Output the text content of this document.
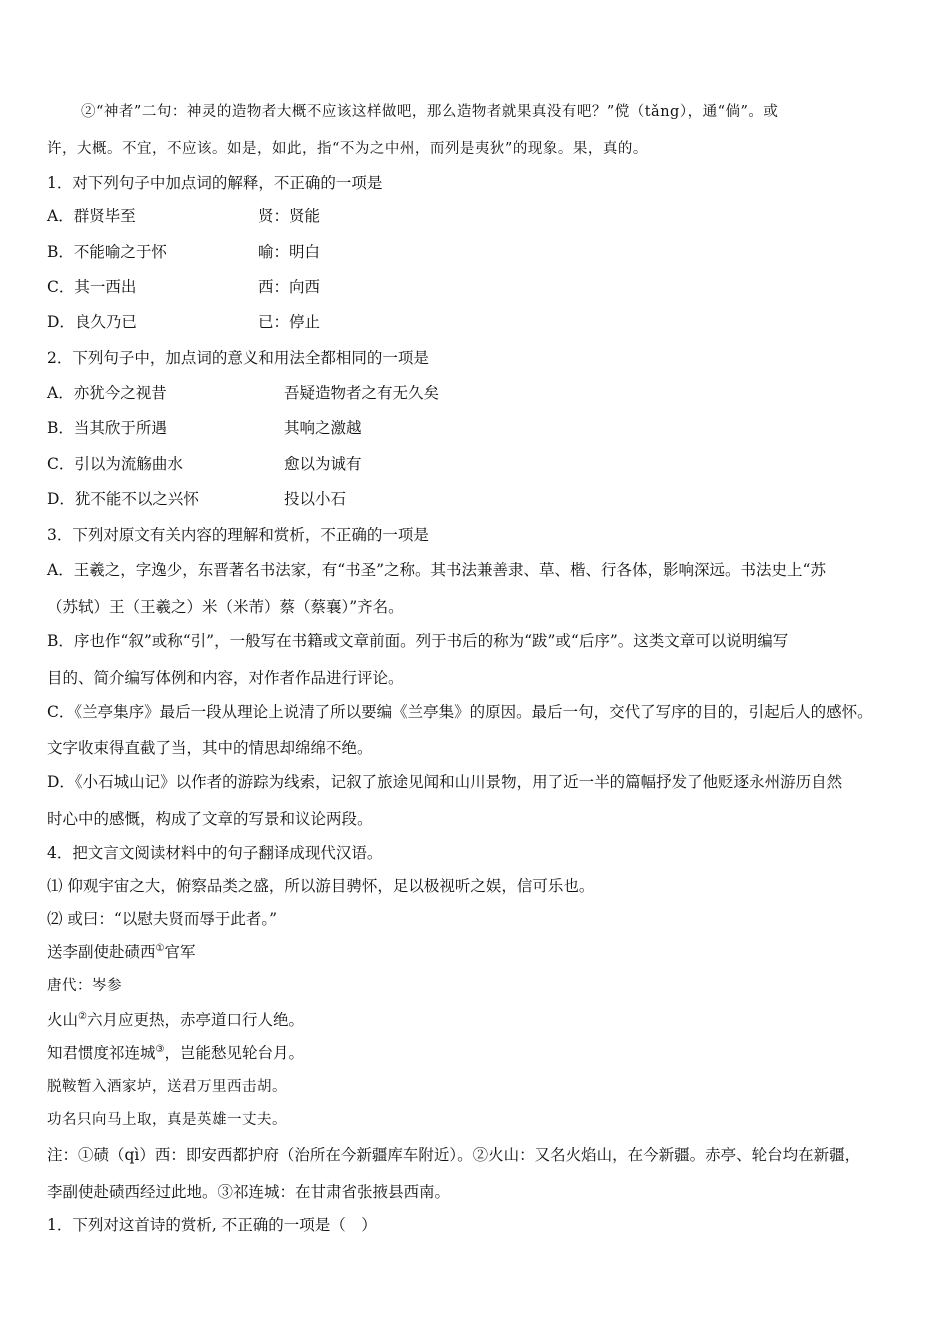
②“神者”二句：神灵的造物者大概不应该这样做吧，那么造物者就果真没有吧？”傥（tǎng），通“倘”。或
许，大概。不宜，不应该。如是，如此，指“不为之中州，而列是夷狄”的现象。果，真的。
1．对下列句子中加点词的解释，不正确的一项是
A．群贤毕至	贤：贤能
B．不能喻之于怀	喻：明白
C．其一西出	西：向西
D．良久乃已	已：停止
2．下列句子中，加点词的意义和用法全都相同的一项是
A．亦犹今之视昔	吾疑造物者之有无久矣
B．当其欣于所遇	其响之激越
C．引以为流觞曲水	愈以为诚有
D．犹不能不以之兴怀	投以小石
3．下列对原文有关内容的理解和赏析，不正确的一项是
A．王羲之，字逸少，东晋著名书法家，有“书圣”之称。其书法兼善隶、草、楷、行各体，影响深远。书法史上“苏
（苏轼）王（王羲之）米（米芾）蔡（蔡襄）”齐名。
B．序也作“叙”或称“引”，一般写在书籍或文章前面。列于书后的称为“跋”或“后序”。这类文章可以说明编写
目的、简介编写体例和内容，对作者作品进行评论。
C．《兰亭集序》最后一段从理论上说清了所以要编《兰亭集》的原因。最后一句，交代了写序的目的，引起后人的感怀。
文字收束得直截了当，其中的情思却绵绵不绝。
D．《小石城山记》以作者的游踪为线索，记叙了旅途见闻和山川景物，用了近一半的篇幅抒发了他贬逐永州游历自然
时心中的感慨，构成了文章的写景和议论两段。
4．把文言文阅读材料中的句子翻译成现代汉语。
⑴ 仰观宇宙之大，俯察品类之盛，所以游目骋怀，足以极视听之娱，信可乐也。
⑵ 或曰：“以慰夫贤而辱于此者。”
送李副使赴碛西①官军
唐代：岑参
火山②六月应更热，赤亭道口行人绝。
知君惯度祁连城③，岂能愁见轮台月。
脱鞍暂入酒家垆，送君万里西击胡。
功名只向马上取，真是英雄一丈夫。
注：①碛（qì）西：即安西都护府（治所在今新疆库车附近）。②火山：又名火焰山，在今新疆。赤亭、轮台均在新疆，
李副使赴碛西经过此地。③祁连城：在甘肃省张掖县西南。
1．下列对这首诗的赏析, 不正确的一项是（　）
